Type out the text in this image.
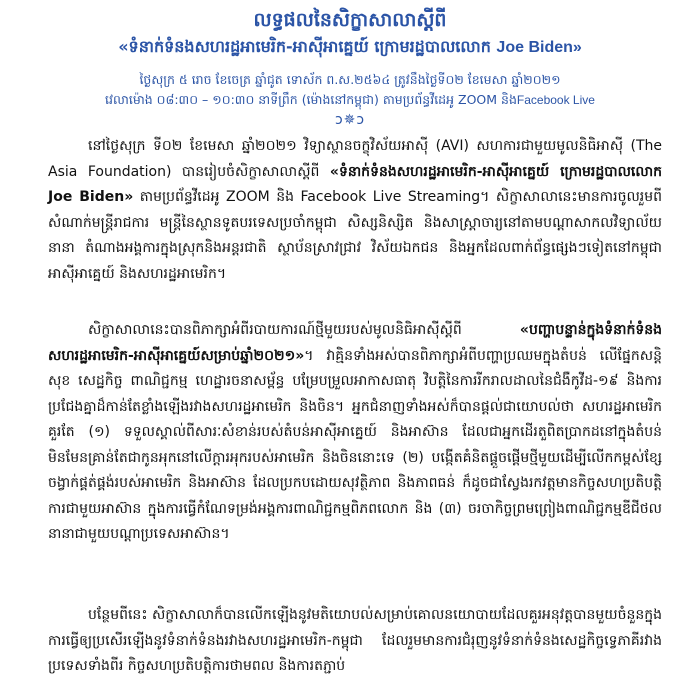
លទ្ធផលនៃសិក្ខាសាលាស្តីពី
«ទំនាក់ទំនងសហរដ្ឋអាមេរិក-អាស៊ីអាគ្នេយ៍ ក្រោមរដ្ឋបាលលោក Joe Biden»
ថ្ងៃសុក្រ ៥ រោច ខែចេត្រ ឆ្នាំជូត ទោស័ក ព.ស.២៥៦៤ ត្រូវនឹងថ្ងៃទី០២ ខែមេសា ឆ្នាំ២០២១
វេលាម៉ោង ០៨:៣០ – ១០:៣០ នាទីព្រឹក (ម៉ោងនៅកម្ពុជា) តាមប្រព័ន្ធវីដេអូ ZOOM និងFacebook Live
ↄ✵ↄ

នៅថ្ងៃសុក្រ ទី០២ ខែមេសា ឆ្នាំ២០២១ វិទ្យាស្ថានចក្ខុវិស័យអាស៊ី (AVI) សហការជាមួយមូលនិធិអាស៊ី (The Asia Foundation) បានរៀបចំសិក្ខាសាលាស្តីពី «ទំនាក់ទំនងសហរដ្ឋអាមេរិក-អាស៊ីអាគ្នេយ៍ ក្រោមរដ្ឋបាលលោក Joe Biden» តាមប្រព័ន្ធវីដេអូ ZOOM និង Facebook Live Streaming។ សិក្ខាសាលានេះមានការចូលរួមពីសំណាក់មន្ត្រីរាជការ មន្ត្រីនៃស្ថានទូតបរទេសប្រចាំកម្ពុជា សិស្សនិស្សិត និងសាស្ត្រាចារ្យនៅតាមបណ្តាសាកលវិទ្យាល័យនានា តំណាងអង្គការក្នុងស្រុកនិងអន្តរជាតិ ស្ថាប័នស្រាវជ្រាវ វិស័យឯកជន និងអ្នកដែលពាក់ព័ន្ធផ្សេងៗទៀតនៅកម្ពុជា អាស៊ីអាគ្នេយ៍ និងសហរដ្ឋអាមេរិក។

សិក្ខាសាលានេះបានពិភាក្សាអំពីរបាយការណ៍ថ្មីមួយរបស់មូលនិធិអាស៊ីស្តីពី	«បញ្ហាបន្ទាន់ក្នុងទំនាក់ទំនងសហរដ្ឋអាមេរិក-អាស៊ីអាគ្នេយ៍សម្រាប់ឆ្នាំ២០២១»។ វាគ្មិនទាំងអស់បានពិភាក្សាអំពីបញ្ហាប្រឈមក្នុងតំបន់ លើផ្នែកសន្តិសុខ សេដ្ឋកិច្ច ពាណិជ្ជកម្ម ហេដ្ឋារចនាសម្ព័ន្ធ បម្រែបម្រួលអាកាសធាតុ វិបត្តិនៃការរីករាលដាលនៃជំងឺកូវីដ-១៩ និងការប្រជែងគ្នាដ៏កាន់តែខ្លាំងឡើងរវាងសហរដ្ឋអាមេរិក និងចិន។ អ្នកជំនាញទាំងអស់ក៏បានផ្តល់ជាយោបល់ថា សហរដ្ឋអាមេរិកគួរតែ (១) ទទួលស្គាល់ពីសារៈសំខាន់របស់តំបន់អាស៊ីអាគ្នេយ៍ និងអាស៊ាន ដែលជាអ្នកដើរតួពិតប្រាកដនៅក្នុងតំបន់ មិនមែនគ្រាន់តែជាកូនអុកនៅលើក្តារអុករបស់អាមេរិក និងចិននោះទេ (២) បង្កើតគំនិតផ្តួចផ្តើមថ្មីមួយដើម្បីលើកកម្ពស់ខ្សែចង្វាក់ផ្គត់ផ្គង់របស់អាមេរិក និងអាស៊ាន ដែលប្រកបដោយសុវត្ថិភាព និងភាពធន់ ក៏ដូចជាស្វែងរកវត្តមានកិច្ចសហប្រតិបត្តិការជាមួយអាស៊ាន ក្នុងការធ្វើកំណែទម្រង់អង្គការពាណិជ្ជកម្មពិភពលោក និង (៣) ចរចាកិច្ចព្រមព្រៀងពាណិជ្ជកម្មឌីជីថលនានាជាមួយបណ្តាប្រទេសអាស៊ាន។

បន្ថែមពីនេះ សិក្ខាសាលាក៏បានលើកឡើងនូវមតិយោបល់សម្រាប់គោលនយោបាយដែលគួរអនុវត្តបានមួយចំនួនក្នុងការធ្វើឲ្យប្រសើរឡើងនូវទំនាក់ទំនងរវាងសហរដ្ឋអាមេរិក-កម្ពុជា ដែលរួមមានការជំរុញនូវទំនាក់ទំនងសេដ្ឋកិច្ចទ្វេភាគីរវាងប្រទេសទាំងពីរ កិច្ចសហប្រតិបត្តិការថាមពល និងការតភ្ជាប់
